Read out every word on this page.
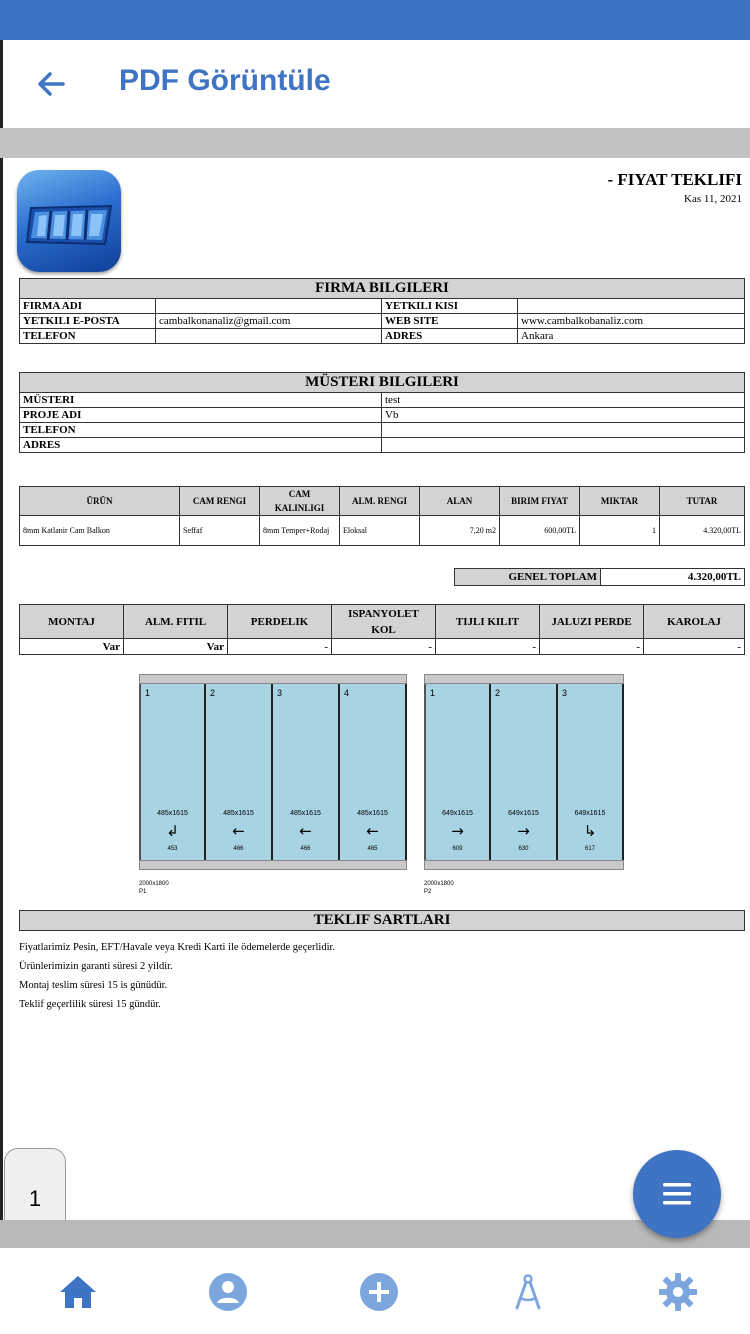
PDF Görüntüle
- FIYAT TEKLIFI
Kas 11, 2021
FIRMA BILGILERI			
FIRMA ADI		YETKILI KISI	
YETKILI E-POSTA	cambalkonanaliz@gmail.com	WEB SITE	www.cambalkobanaliz.com
TELEFON		ADRES	Ankara
MÜSTERI BILGILERI	
MÜSTERI	test
PROJE ADI	Vb
TELEFON	
ADRES	
ÜRÜN	CAM RENGI	CAM KALINLIGI	ALM. RENGI	ALAN	BIRIM FIYAT	MIKTAR	TUTAR
8mm Katlanir Cam Balkon	Seffaf	8mm Temper+Rodaj	Eloksal	7,20 m2	600,00TL	1	4.320,00TL
GENEL TOPLAM	4.320,00TL
MONTAJ	ALM. FITIL	PERDELIK	ISPANYOLET KOL	TIJLI KILIT	JALUZI PERDE	KAROLAJ
Var	Var	-	-	-	-	-
1
485x1615
↲
453
2
485x1615
←
466
3
485x1615
←
466
4
485x1615
←
465
2000x1800
P1
1
649x1615
→
609
2
649x1615
→
630
3
649x1615
↳
617
2000x1800
P2
TEKLIF SARTLARI
Fiyatlarimiz Pesin, EFT/Havale veya Kredi Karti ile ödemelerde geçerlidir.
Ürünlerimizin garanti süresi 2 yildir.
Montaj teslim süresi 15 is günüdür.
Teklif geçerlilik süresi 15 gündür.
1
